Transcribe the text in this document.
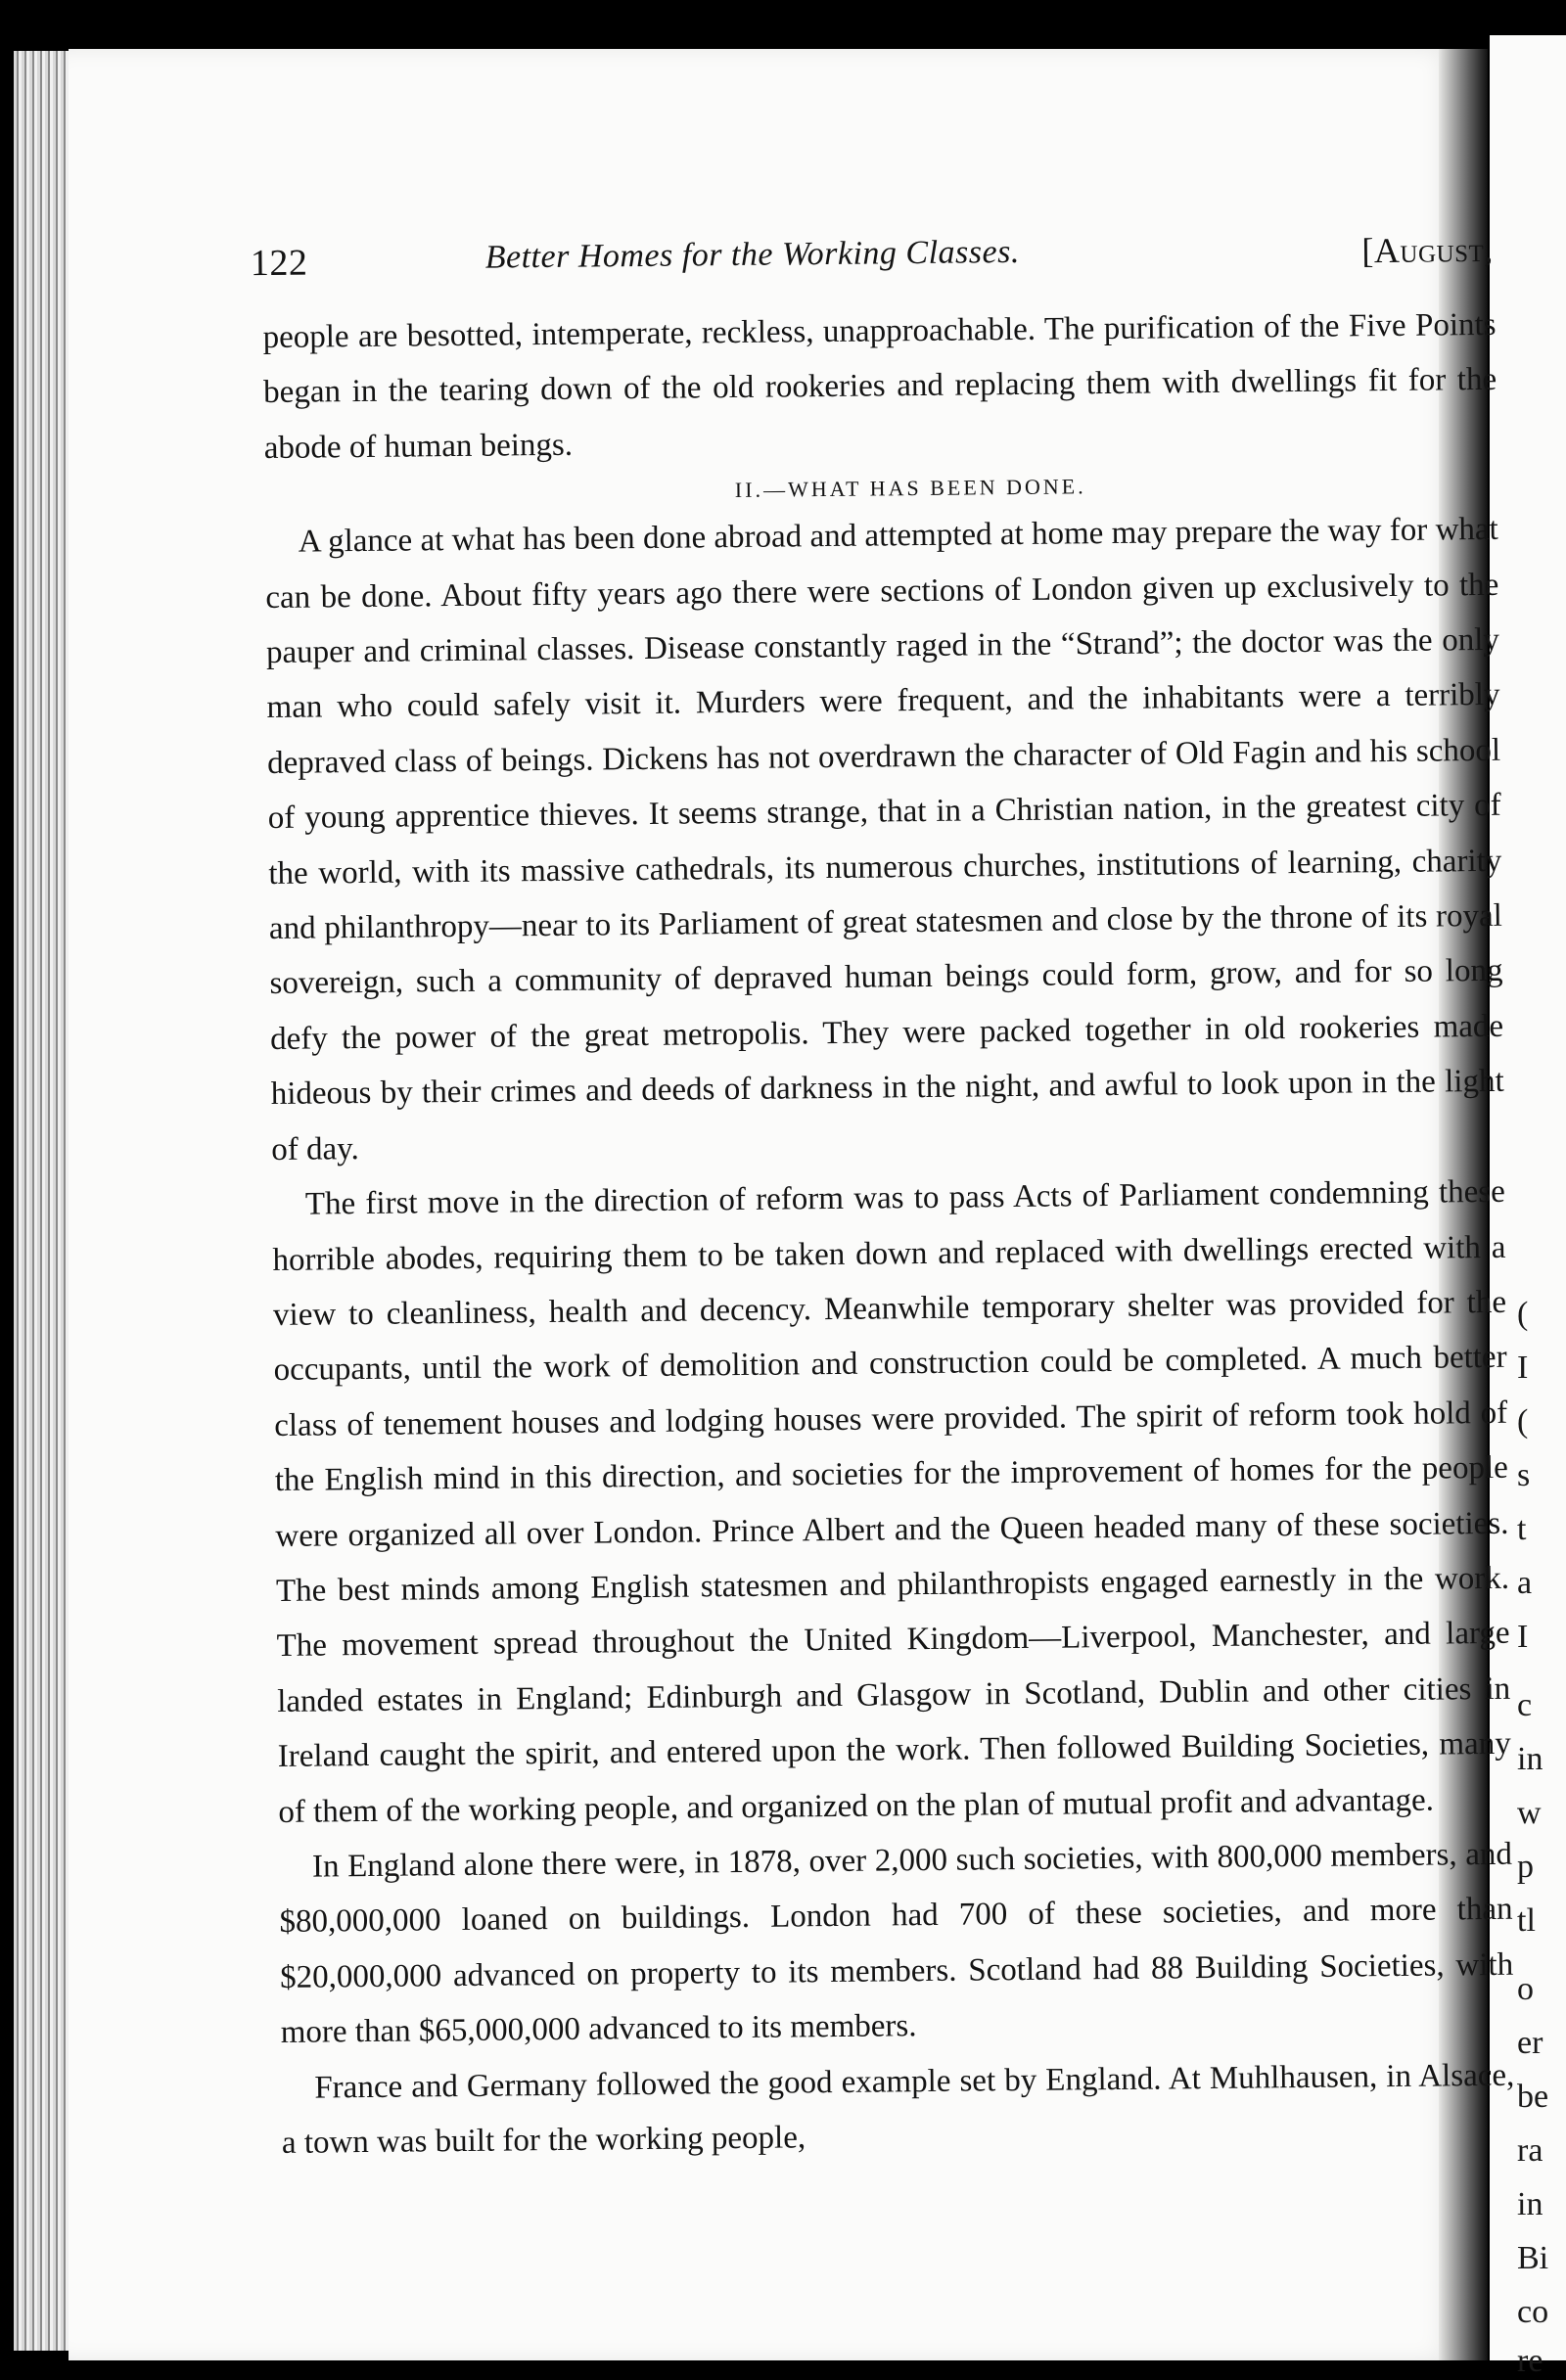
(
I
(
s
t
a
I
c
in
w
p
tl
o
er
be
ra
in
Bi
co
re
122	Better Homes for the Working Classes.	[August,

people are besotted, intemperate, reckless, unapproachable. The purification of the Five Points began in the tearing down of the old rookeries and replacing them with dwellings fit for the abode of human beings.

II.—WHAT HAS BEEN DONE.

A glance at what has been done abroad and attempted at home may prepare the way for what can be done. About fifty years ago there were sections of London given up exclusively to the pauper and criminal classes. Disease constantly raged in the “Strand”; the doctor was the only man who could safely visit it. Murders were frequent, and the inhabitants were a terribly depraved class of beings. Dickens has not overdrawn the character of Old Fagin and his school of young apprentice thieves. It seems strange, that in a Christian nation, in the greatest city of the world, with its massive cathedrals, its numerous churches, institutions of learning, charity and philanthropy—near to its Parliament of great statesmen and close by the throne of its royal sovereign, such a community of depraved human beings could form, grow, and for so long defy the power of the great metropolis. They were packed together in old rookeries made hideous by their crimes and deeds of darkness in the night, and awful to look upon in the light of day.

The first move in the direction of reform was to pass Acts of Parliament condemning these horrible abodes, requiring them to be taken down and replaced with dwellings erected with a view to cleanliness, health and decency. Meanwhile temporary shelter was provided for the occupants, until the work of demolition and construction could be completed. A much better class of tenement houses and lodging houses were provided. The spirit of reform took hold of the English mind in this direction, and societies for the improvement of homes for the people were organized all over London. Prince Albert and the Queen headed many of these societies. The best minds among English statesmen and philanthropists engaged earnestly in the work. The movement spread throughout the United Kingdom—Liverpool, Manchester, and large landed estates in England; Edinburgh and Glasgow in Scotland, Dublin and other cities in Ireland caught the spirit, and entered upon the work. Then followed Building Societies, many of them of the working people, and organized on the plan of mutual profit and advantage.

In England alone there were, in 1878, over 2,000 such societies, with 800,000 members, and $80,000,000 loaned on buildings. London had 700 of these societies, and more than $20,000,000 advanced on property to its members. Scotland had 88 Building Societies, with more than $65,000,000 advanced to its members.

France and Germany followed the good example set by England. At Muhlhausen, in Alsace, a town was built for the working people,
